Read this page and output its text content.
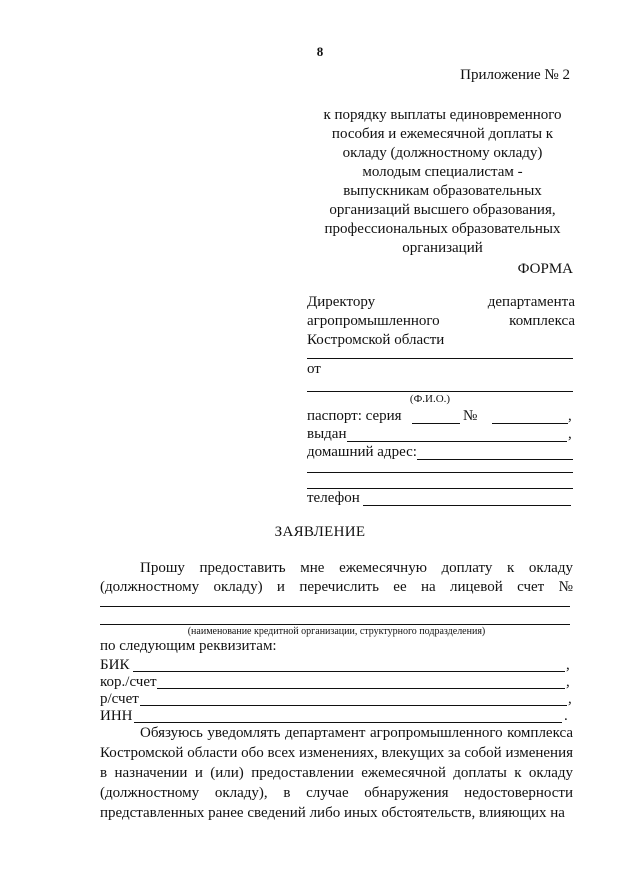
8
Приложение № 2
к порядку выплаты единовременного
пособия и ежемесячной доплаты к
окладу (должностному окладу)
молодым специалистам -
выпускникам образовательных
организаций высшего образования,
профессиональных образовательных
организаций
ФОРМА
Директору	департамента
агропромышленного	комплекса
Костромской области
от
(Ф.И.О.)
паспорт: серия	№	,
выдан	,
домашний адрес:
телефон
ЗАЯВЛЕНИЕ
Прошу предоставить мне ежемесячную доплату к окладу
(должностному окладу) и перечислить ее на лицевой счет №
(наименование кредитной организации, структурного подразделения)
по следующим реквизитам:
БИК	,
кор./счет	,
р/счет	,
ИНН	.
Обязуюсь уведомлять департамент агропромышленного комплекса Костромской области обо всех изменениях, влекущих за собой изменения в назначении и (или) предоставлении ежемесячной доплаты к окладу (должностному окладу), в случае обнаружения недостоверности представленных ранее сведений либо иных обстоятельств, влияющих на
